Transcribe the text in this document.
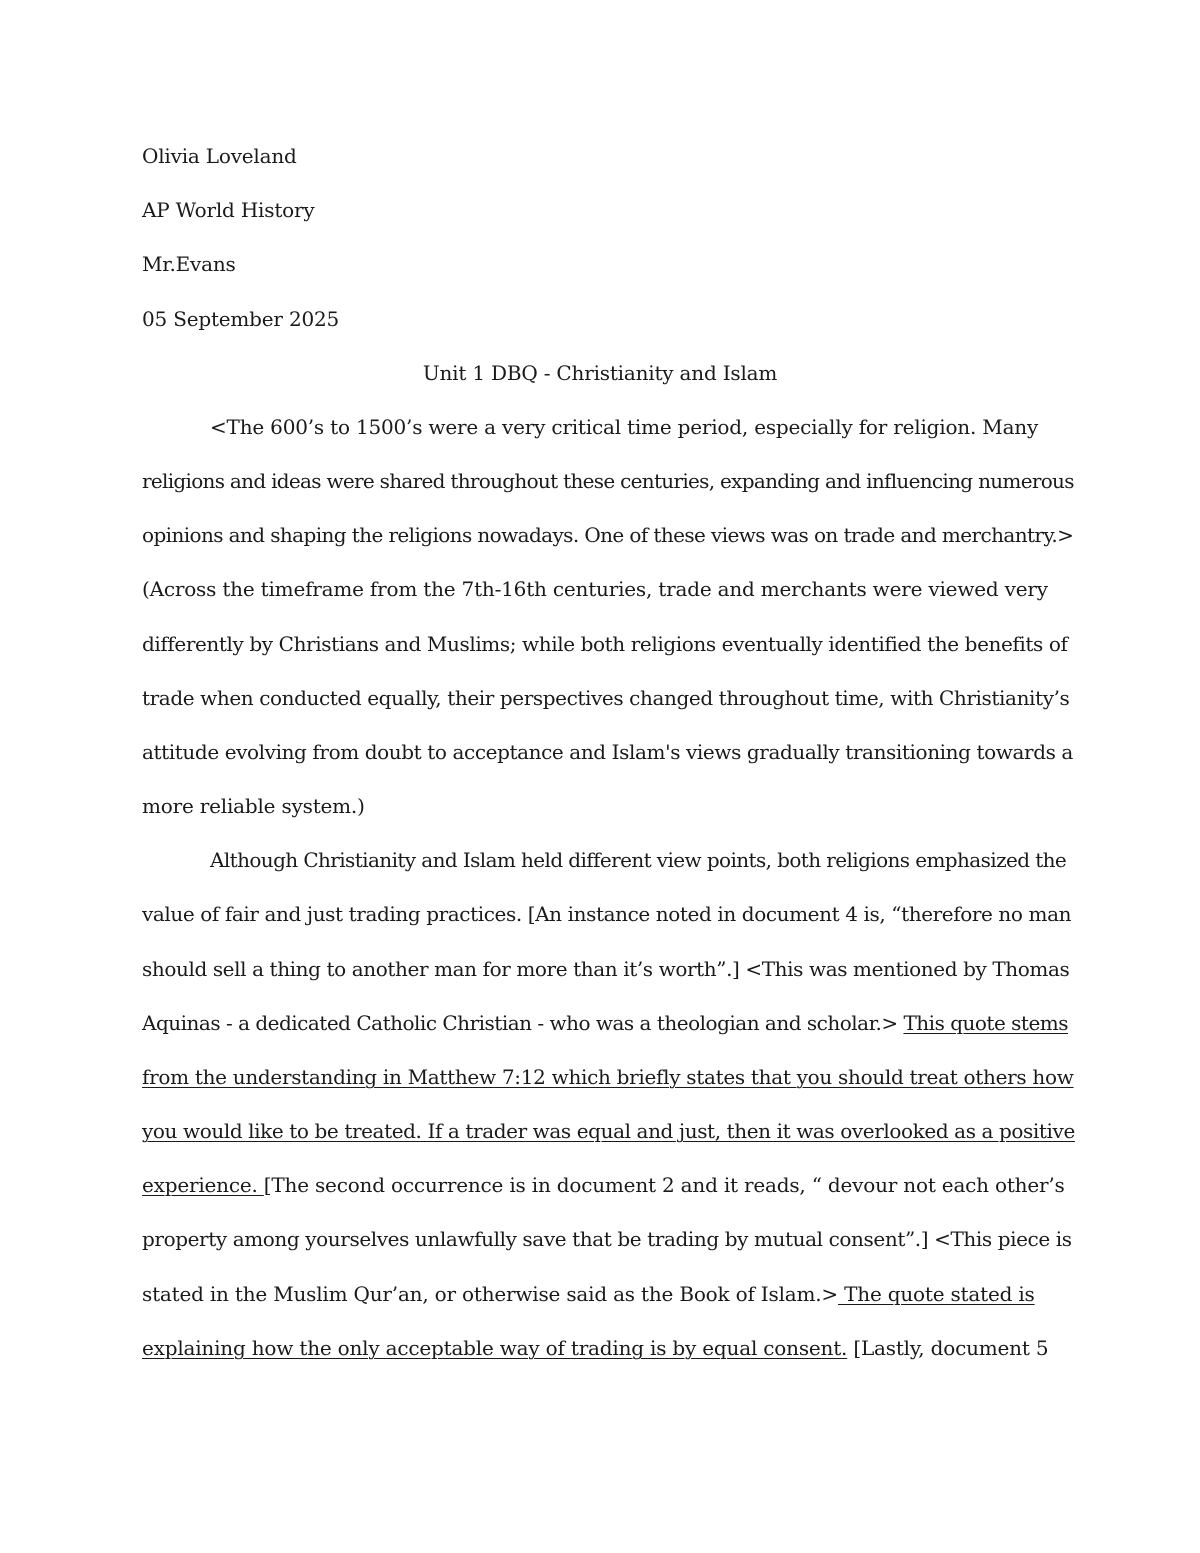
Olivia Loveland
AP World History
Mr.Evans
05 September 2025
Unit 1 DBQ - Christianity and Islam
<The 600’s to 1500’s were a very critical time period, especially for religion. Many
religions and ideas were shared throughout these centuries, expanding and influencing numerous
opinions and shaping the religions nowadays. One of these views was on trade and merchantry.>
(Across the timeframe from the 7th-16th centuries, trade and merchants were viewed very
differently by Christians and Muslims; while both religions eventually identified the benefits of
trade when conducted equally, their perspectives changed throughout time, with Christianity’s
attitude evolving from doubt to acceptance and Islam's views gradually transitioning towards a
more reliable system.)
Although Christianity and Islam held different view points, both religions emphasized the
value of fair and just trading practices. [An instance noted in document 4 is, “therefore no man
should sell a thing to another man for more than it’s worth”.] <This was mentioned by Thomas
Aquinas - a dedicated Catholic Christian - who was a theologian and scholar.> This quote stems
from the understanding in Matthew 7:12 which briefly states that you should treat others how
you would like to be treated. If a trader was equal and just, then it was overlooked as a positive
experience. [The second occurrence is in document 2 and it reads, “ devour not each other’s
property among yourselves unlawfully save that be trading by mutual consent”.] <This piece is
stated in the Muslim Qur’an, or otherwise said as the Book of Islam.> The quote stated is
explaining how the only acceptable way of trading is by equal consent. [Lastly, document 5
